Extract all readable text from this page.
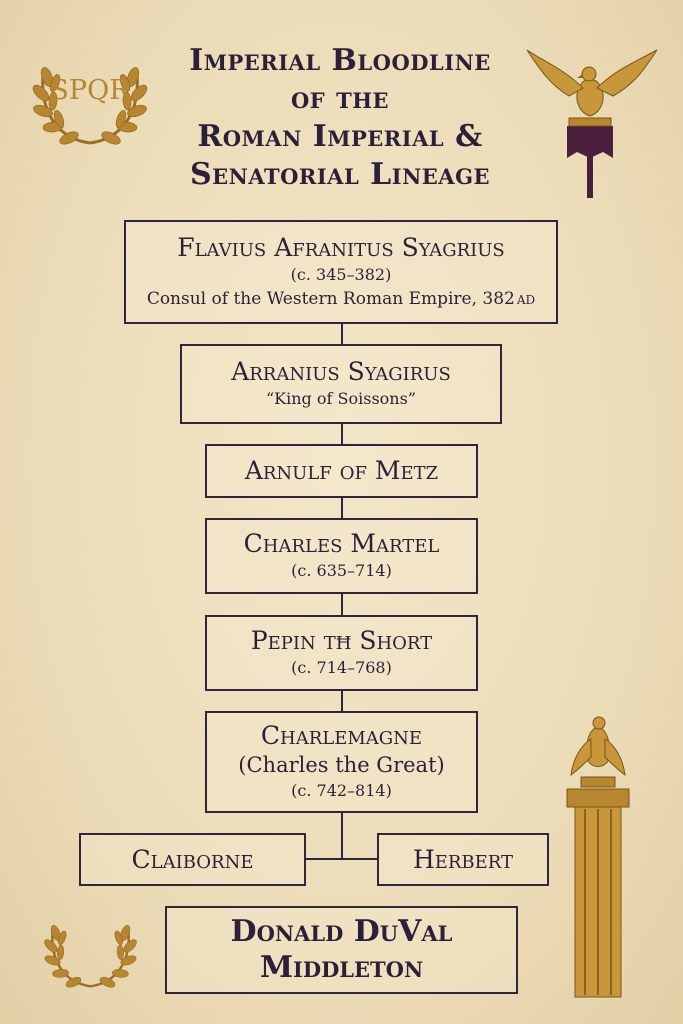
Imperial Bloodline
of the
Roman Imperial &
Senatorial Lineage
SPQR
Flavius Afranitus Syagrius
(c. 345–382)
Consul of the Western Roman Empire, 382 AD
Arranius Syagirus
“King of Soissons”
Arnulf of Metz
Charles Martel
(c. 635–714)
Pepin tħ Short
(c. 714–768)
Charlemagne
(Charles the Great)
(c. 742–814)
Claiborne	Herbert
Donald DuVal
Middleton
